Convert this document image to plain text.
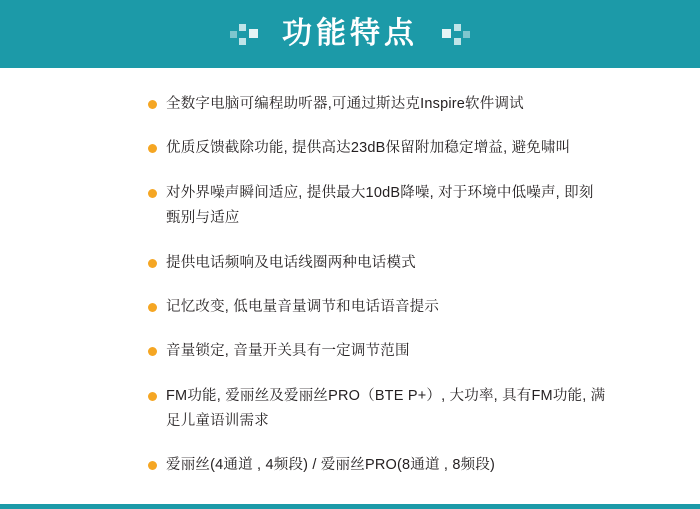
功能特点
全数字电脑可编程助听器,可通过斯达克Inspire软件调试
优质反馈截除功能, 提供高达23dB保留附加稳定增益, 避免啸叫
对外界噪声瞬间适应, 提供最大10dB降噪, 对于环境中低噪声, 即刻甄别与适应
提供电话频响及电话线圈两种电话模式
记忆改变, 低电量音量调节和电话语音提示
音量锁定, 音量开关具有一定调节范围
FM功能, 爱丽丝及爱丽丝PRO（BTE P+）, 大功率, 具有FM功能, 满足儿童语训需求
爱丽丝(4通道 , 4频段) / 爱丽丝PRO(8通道 , 8频段)
